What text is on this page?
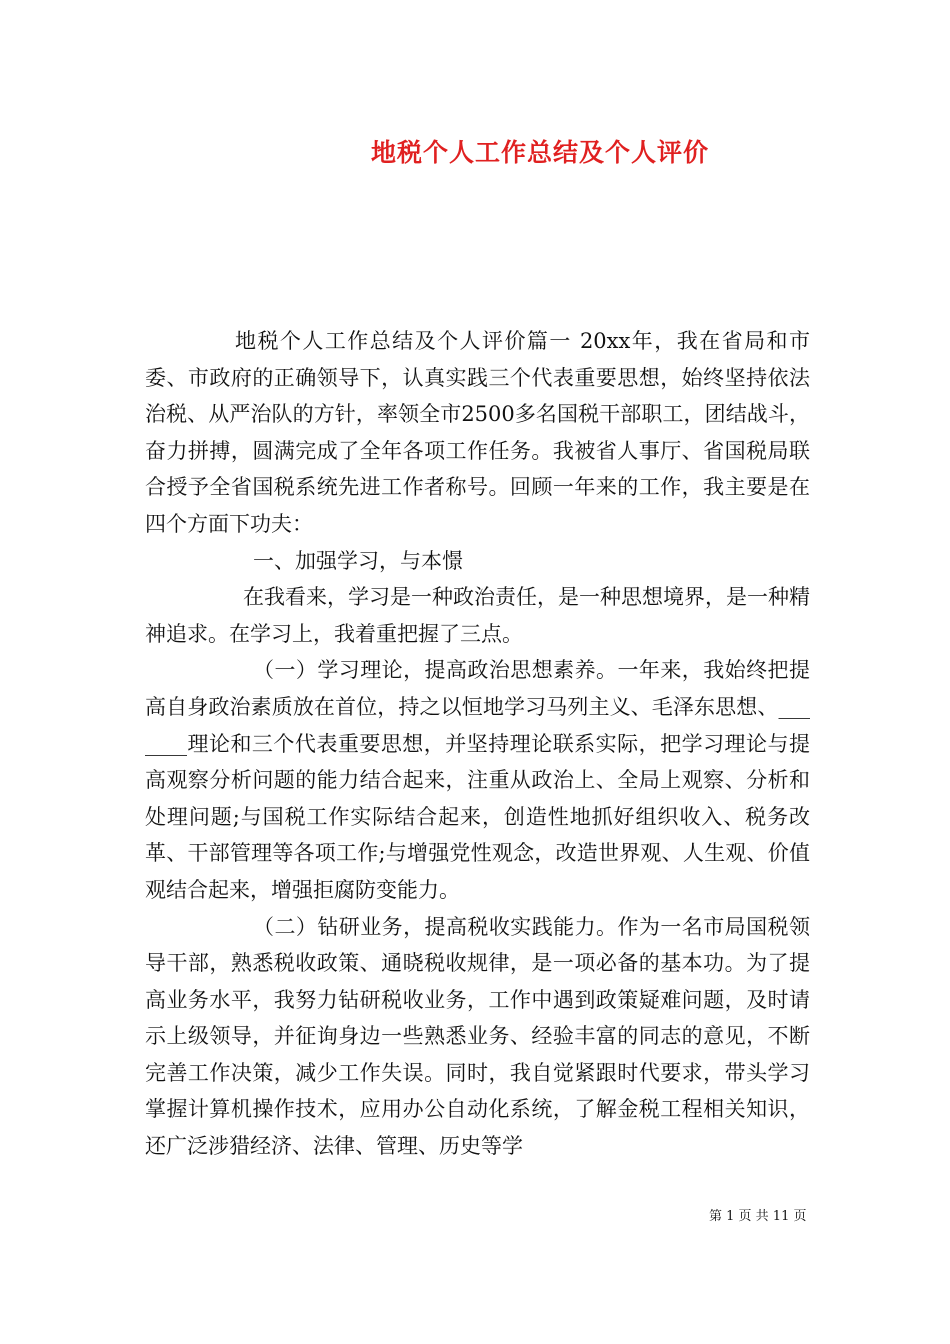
地税个人工作总结及个人评价

地税个人工作总结及个人评价篇一 20xx年，我在省局和市委、市政府的正确领导下，认真实践三个代表重要思想，始终坚持依法治税、从严治队的方针，率领全市2500多名国税干部职工，团结战斗，奋力拼搏，圆满完成了全年各项工作任务。我被省人事厅、省国税局联合授予全省国税系统先进工作者称号。回顾一年来的工作，我主要是在四个方面下功夫：

一、加强学习，与本憬

在我看来，学习是一种政治责任，是一种思想境界，是一种精神追求。在学习上，我着重把握了三点。

（一）学习理论，提高政治思想素养。一年来，我始终把提高自身政治素质放在首位，持之以恒地学习马列主义、毛泽东思想、_______理论和三个代表重要思想，并坚持理论联系实际，把学习理论与提高观察分析问题的能力结合起来，注重从政治上、全局上观察、分析和处理问题;与国税工作实际结合起来，创造性地抓好组织收入、税务改革、干部管理等各项工作;与增强党性观念，改造世界观、人生观、价值观结合起来，增强拒腐防变能力。

（二）钻研业务，提高税收实践能力。作为一名市局国税领导干部，熟悉税收政策、通晓税收规律，是一项必备的基本功。为了提高业务水平，我努力钻研税收业务，工作中遇到政策疑难问题，及时请示上级领导，并征询身边一些熟悉业务、经验丰富的同志的意见，不断完善工作决策，减少工作失误。同时，我自觉紧跟时代要求，带头学习掌握计算机操作技术，应用办公自动化系统，了解金税工程相关知识，还广泛涉猎经济、法律、管理、历史等学

第 1 页 共 11 页
